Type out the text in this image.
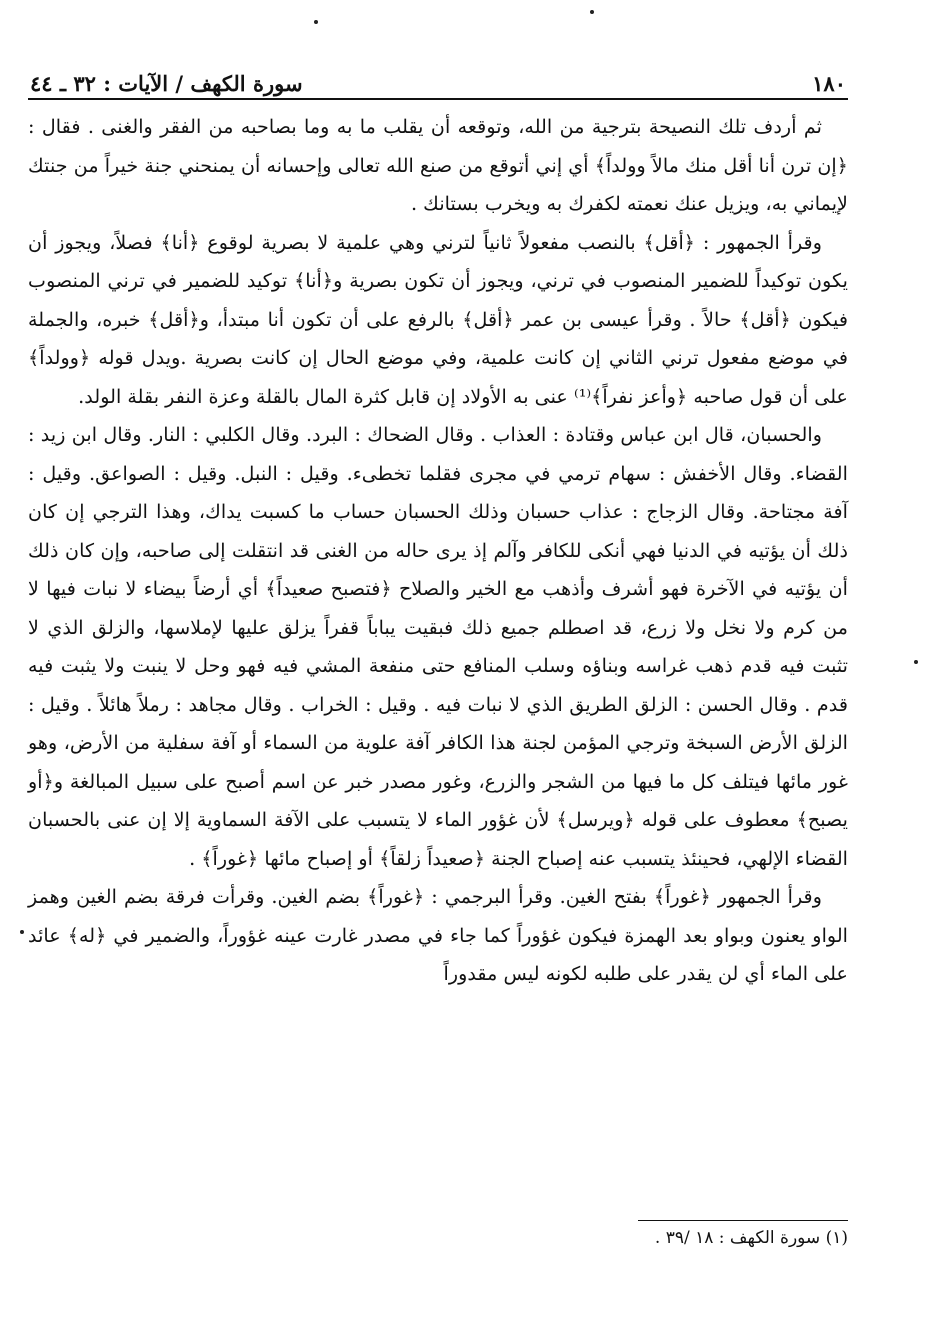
١٨٠
سورة الكهف / الآيات : ٣٢ ـ ٤٤

ثم أردف تلك النصيحة بترجية من الله، وتوقعه أن يقلب ما به وما بصاحبه من الفقر والغنى . فقال : ﴿إن ترن أنا أقل منك مالاً وولداً﴾ أي إني أتوقع من صنع الله تعالى وإحسانه أن يمنحني جنة خيراً من جنتك لإيماني به، ويزيل عنك نعمته لكفرك به ويخرب بستانك .

وقرأ الجمهور : ﴿أقل﴾ بالنصب مفعولاً ثانياً لترني وهي علمية لا بصرية لوقوع ﴿أنا﴾ فصلاً، ويجوز أن يكون توكيداً للضمير المنصوب في ترني، ويجوز أن تكون بصرية و﴿أنا﴾ توكيد للضمير في ترني المنصوب فيكون ﴿أقل﴾ حالاً . وقرأ عيسى بن عمر ﴿أقل﴾ بالرفع على أن تكون أنا مبتدأ، و﴿أقل﴾ خبره، والجملة في موضع مفعول ترني الثاني إن كانت علمية، وفي موضع الحال إن كانت بصرية .ويدل قوله ﴿وولداً﴾ على أن قول صاحبه ﴿وأعز نفراً﴾⁽¹⁾ عنى به الأولاد إن قابل كثرة المال بالقلة وعزة النفر بقلة الولد.

والحسبان، قال ابن عباس وقتادة : العذاب . وقال الضحاك : البرد. وقال الكلبي : النار. وقال ابن زيد : القضاء. وقال الأخفش : سهام ترمي في مجرى فقلما تخطىء. وقيل : النبل. وقيل : الصواعق. وقيل : آفة مجتاحة. وقال الزجاج : عذاب حسبان وذلك الحسبان حساب ما كسبت يداك، وهذا الترجي إن كان ذلك أن يؤتيه في الدنيا فهي أنكى للكافر وآلم إذ يرى حاله من الغنى قد انتقلت إلى صاحبه، وإن كان ذلك أن يؤتيه في الآخرة فهو أشرف وأذهب مع الخير والصلاح ﴿فتصبح صعيداً﴾ أي أرضاً بيضاء لا نبات فيها لا من كرم ولا نخل ولا زرع، قد اصطلم جميع ذلك فبقيت يباباً قفراً يزلق عليها لإملاسها، والزلق الذي لا تثبت فيه قدم ذهب غراسه وبناؤه وسلب المنافع حتى منفعة المشي فيه فهو وحل لا ينبت ولا يثبت فيه قدم . وقال الحسن : الزلق الطريق الذي لا نبات فيه . وقيل : الخراب . وقال مجاهد : رملاً هائلاً . وقيل : الزلق الأرض السبخة وترجي المؤمن لجنة هذا الكافر آفة علوية من السماء أو آفة سفلية من الأرض، وهو غور مائها فيتلف كل ما فيها من الشجر والزرع، وغور مصدر خبر عن اسم أصبح على سبيل المبالغة و﴿أو يصبح﴾ معطوف على قوله ﴿ويرسل﴾ لأن غؤور الماء لا يتسبب على الآفة السماوية إلا إن عنى بالحسبان القضاء الإلهي، فحينئذ يتسبب عنه إصباح الجنة ﴿صعيداً زلقاً﴾ أو إصباح مائها ﴿غوراً﴾ .

وقرأ الجمهور ﴿غوراً﴾ بفتح الغين. وقرأ البرجمي : ﴿غوراً﴾ بضم الغين. وقرأت فرقة بضم الغين وهمز الواو يعنون وبواو بعد الهمزة فيكون غؤوراً كما جاء في مصدر غارت عينه غؤوراً، والضمير في ﴿له﴾ عائد على الماء أي لن يقدر على طلبه لكونه ليس مقدوراً

(١) سورة الكهف : ١٨ /٣٩ .
